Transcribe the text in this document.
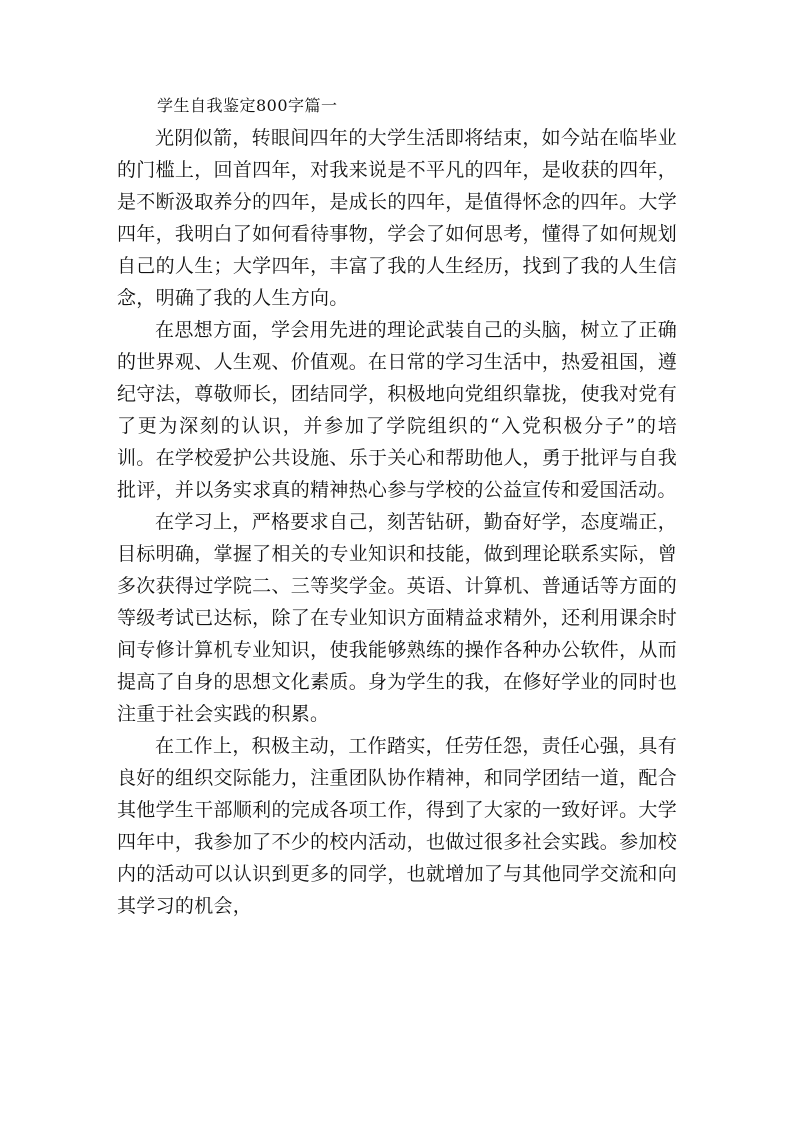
学生自我鉴定800字篇一

光阴似箭，转眼间四年的大学生活即将结束，如今站在临毕业的门槛上，回首四年，对我来说是不平凡的四年，是收获的四年，是不断汲取养分的四年，是成长的四年，是值得怀念的四年。大学四年，我明白了如何看待事物，学会了如何思考，懂得了如何规划自己的人生；大学四年，丰富了我的人生经历，找到了我的人生信念，明确了我的人生方向。

在思想方面，学会用先进的理论武装自己的头脑，树立了正确的世界观、人生观、价值观。在日常的学习生活中，热爱祖国，遵纪守法，尊敬师长，团结同学，积极地向党组织靠拢，使我对党有了更为深刻的认识，并参加了学院组织的“入党积极分子”的培训。在学校爱护公共设施、乐于关心和帮助他人，勇于批评与自我批评，并以务实求真的精神热心参与学校的公益宣传和爱国活动。

在学习上，严格要求自己，刻苦钻研，勤奋好学，态度端正，目标明确，掌握了相关的专业知识和技能，做到理论联系实际，曾多次获得过学院二、三等奖学金。英语、计算机、普通话等方面的等级考试已达标，除了在专业知识方面精益求精外，还利用课余时间专修计算机专业知识，使我能够熟练的操作各种办公软件，从而提高了自身的思想文化素质。身为学生的我，在修好学业的同时也注重于社会实践的积累。

在工作上，积极主动，工作踏实，任劳任怨，责任心强，具有良好的组织交际能力，注重团队协作精神，和同学团结一道，配合其他学生干部顺利的完成各项工作，得到了大家的一致好评。大学四年中，我参加了不少的校内活动，也做过很多社会实践。参加校内的活动可以认识到更多的同学，也就增加了与其他同学交流和向其学习的机会，
